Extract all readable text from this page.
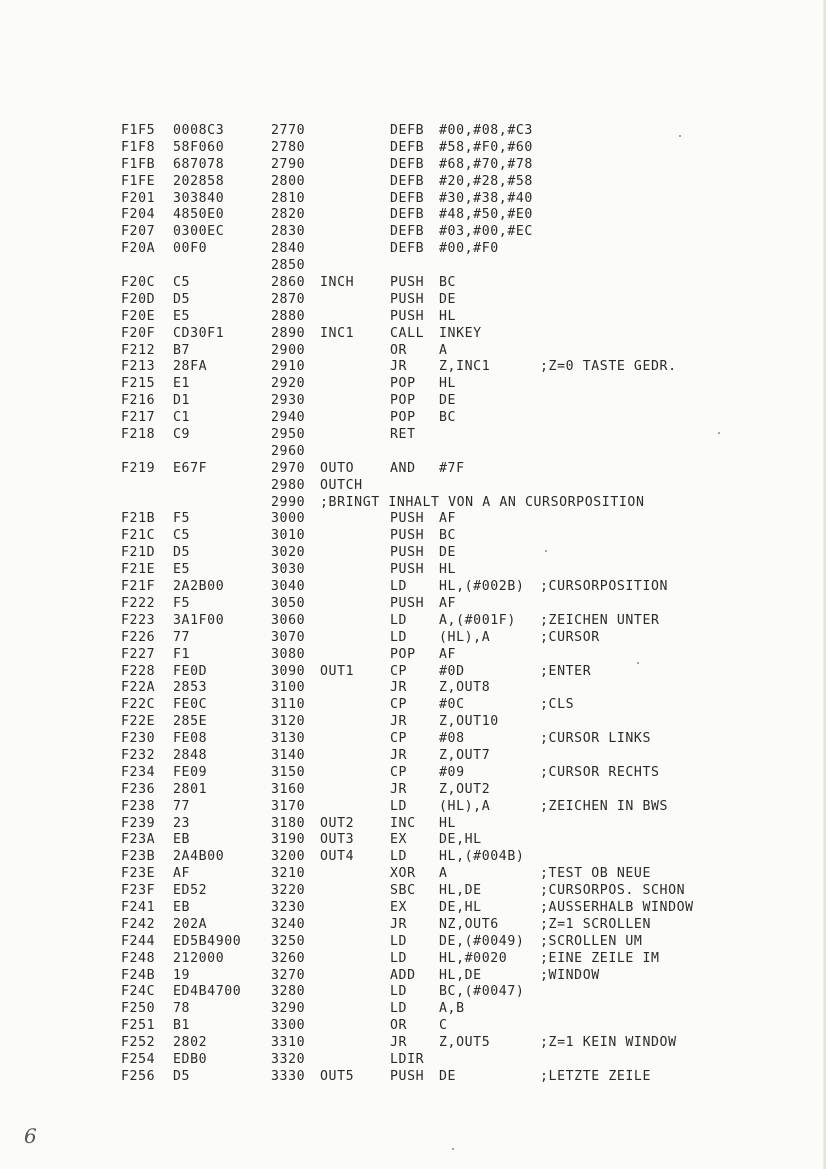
F1F5 0008C3	2770	DEFB #00,#08,#C3
F1F8 58F060	2780	DEFB #58,#F0,#60
F1FB 687078	2790	DEFB #68,#70,#78
F1FE 202858	2800	DEFB #20,#28,#58
F201 303840	2810	DEFB #30,#38,#40
F204 4850E0	2820	DEFB #48,#50,#E0
F207 0300EC	2830	DEFB #03,#00,#EC
F20A 00F0	2840	DEFB #00,#F0
2850
F20C C5	2860 INCH	PUSH BC
F20D D5	2870	PUSH DE
F20E E5	2880	PUSH HL
F20F CD30F1	2890 INC1	CALL INKEY
F212 B7	2900	OR A
F213 28FA	2910	JR Z,INC1	;Z=0 TASTE GEDR.
F215 E1	2920	POP HL
F216 D1	2930	POP DE
F217 C1	2940	POP BC
F218 C9	2950	RET
2960
F219 E67F	2970 OUTO	AND #7F
2980 OUTCH
2990 ;BRINGT INHALT VON A AN CURSORPOSITION
F21B F5	3000	PUSH AF
F21C C5	3010	PUSH BC
F21D D5	3020	PUSH DE
F21E E5	3030	PUSH HL
F21F 2A2B00	3040	LD HL,(#002B) ;CURSORPOSITION
F222 F5	3050	PUSH AF
F223 3A1F00	3060	LD A,(#001F) ;ZEICHEN UNTER
F226 77	3070	LD (HL),A	;CURSOR
F227 F1	3080	POP AF
F228 FE0D	3090 OUT1	CP #0D	;ENTER
F22A 2853	3100	JR Z,OUT8
F22C FE0C	3110	CP #0C	;CLS
F22E 285E	3120	JR Z,OUT10
F230 FE08	3130	CP #08	;CURSOR LINKS
F232 2848	3140	JR Z,OUT7
F234 FE09	3150	CP #09	;CURSOR RECHTS
F236 2801	3160	JR Z,OUT2
F238 77	3170	LD (HL),A	;ZEICHEN IN BWS
F239 23	3180 OUT2	INC HL
F23A EB	3190 OUT3	EX DE,HL
F23B 2A4B00	3200 OUT4	LD HL,(#004B)
F23E AF	3210	XOR A	;TEST OB NEUE
F23F ED52	3220	SBC HL,DE	;CURSORPOS. SCHON
F241 EB	3230	EX DE,HL	;AUSSERHALB WINDOW
F242 202A	3240	JR NZ,OUT6	;Z=1 SCROLLEN
F244 ED5B4900 3250	LD DE,(#0049) ;SCROLLEN UM
F248 212000	3260	LD HL,#0020 ;EINE ZEILE IM
F24B 19	3270	ADD HL,DE	;WINDOW
F24C ED4B4700 3280	LD BC,(#0047)
F250 78	3290	LD A,B
F251 B1	3300	OR C
F252 2802	3310	JR Z,OUT5	;Z=1 KEIN WINDOW
F254 EDB0	3320	LDIR
F256 D5	3330 OUT5	PUSH DE	;LETZTE ZEILE
6
